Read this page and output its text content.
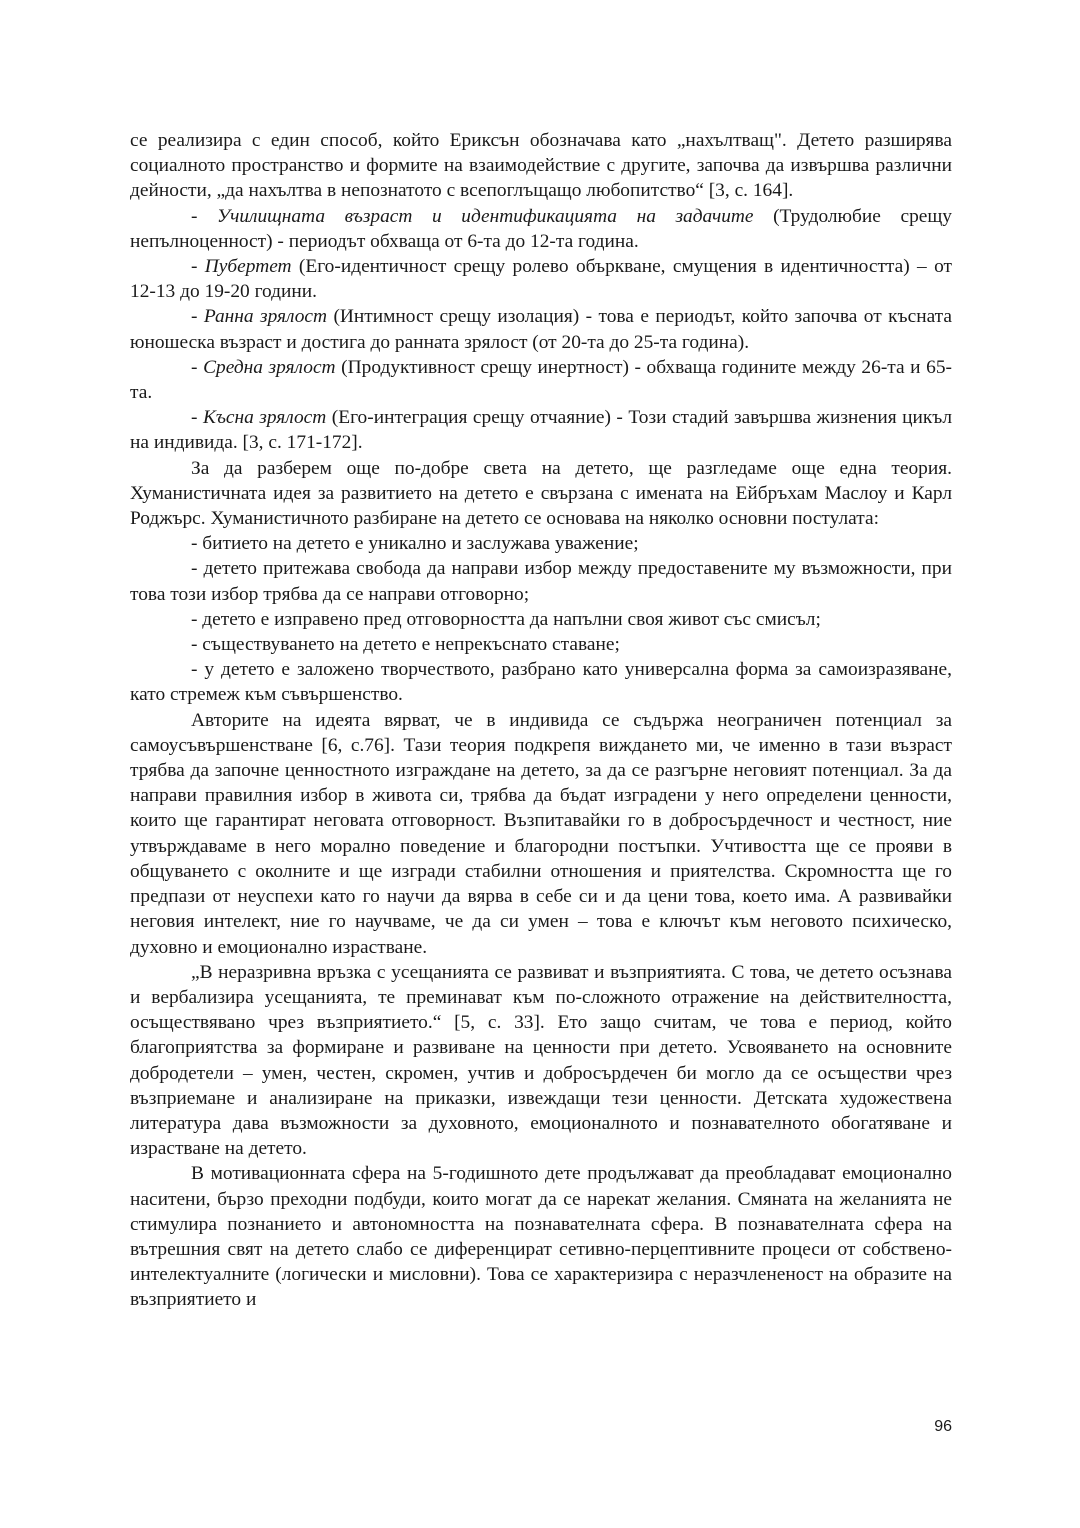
се реализира с един способ, който Ериксън обозначава като „нахълтващ". Детето разширява социалното пространство и формите на взаимодействие с другите, започва да извършва различни дейности, „да нахълтва в непознатото с всепоглъщащо любопитство“ [3, с. 164].

- Училищната възраст и идентификацията на задачите (Трудолюбие срещу непълноценност) - периодът обхваща от 6-та до 12-та година.

- Пубертет (Его-идентичност срещу ролево объркване, смущения в идентичността) – от 12-13 до 19-20 години.

- Ранна зрялост (Интимност срещу изолация) - това е периодът, който започва от късната юношеска възраст и достига до ранната зрялост (от 20-та до 25-та година).

- Средна зрялост (Продуктивност срещу инертност) - обхваща годините между 26-та и 65-та.

- Късна зрялост (Его-интеграция срещу отчаяние) - Този стадий завършва жизнения цикъл на индивида. [3, с. 171-172].

За да разберем още по-добре света на детето, ще разгледаме още една теория. Хуманистичната идея за развитието на детето е свързана с имената на Ейбръхам Маслоу и Карл Роджърс. Хуманистичното разбиране на детето се основава на няколко основни постулата:

- битието на детето е уникално и заслужава уважение;

- детето притежава свобода да направи избор между предоставените му възможности, при това този избор трябва да се направи отговорно;

- детето е изправено пред отговорността да напълни своя живот със смисъл;

- съществуването на детето е непрекъснато ставане;

- у детето е заложено творчеството, разбрано като универсална форма за самоизразяване, като стремеж към съвършенство.

Авторите на идеята вярват, че в индивида се съдържа неограничен потенциал за самоусъвършенстване [6, с.76]. Тази теория подкрепя виждането ми, че именно в тази възраст трябва да започне ценностното изграждане на детето, за да се разгърне неговият потенциал. За да направи правилния избор в живота си, трябва да бъдат изградени у него определени ценности, които ще гарантират неговата отговорност. Възпитавайки го в добросърдечност и честност, ние утвърждаваме в него морално поведение и благородни постъпки. Учтивостта ще се прояви в общуването с околните и ще изгради стабилни отношения и приятелства. Скромността ще го предпази от неуспехи като го научи да вярва в себе си и да цени това, което има. А развивайки неговия интелект, ние го научваме, че да си умен – това е ключът към неговото психическо, духовно и емоционално израстване.

„В неразривна връзка с усещанията се развиват и възприятията. С това, че детето осъзнава и вербализира усещанията, те преминават към по-сложното отражение на действителността, осъществявано чрез възприятието.“ [5, с. 33]. Ето защо считам, че това е период, който благоприятства за формиране и развиване на ценности при детето. Усвояването на основните добродетели – умен, честен, скромен, учтив и добросърдечен би могло да се осъществи чрез възприемане и анализиране на приказки, извеждащи тези ценности. Детската художествена литература дава възможности за духовното, емоционалното и познавателното обогатяване и израстване на детето.

В мотивационната сфера на 5-годишното дете продължават да преобладават емоционално наситени, бързо преходни подбуди, които могат да се нарекат желания. Смяната на желанията не стимулира познанието и автономността на познавателната сфера. В познавателната сфера на вътрешния свят на детето слабо се диференцират сетивно-перцептивните процеси от собствено-интелектуалните (логически и мисловни). Това се характеризира с неразчлененост на образите на възприятието и

96
